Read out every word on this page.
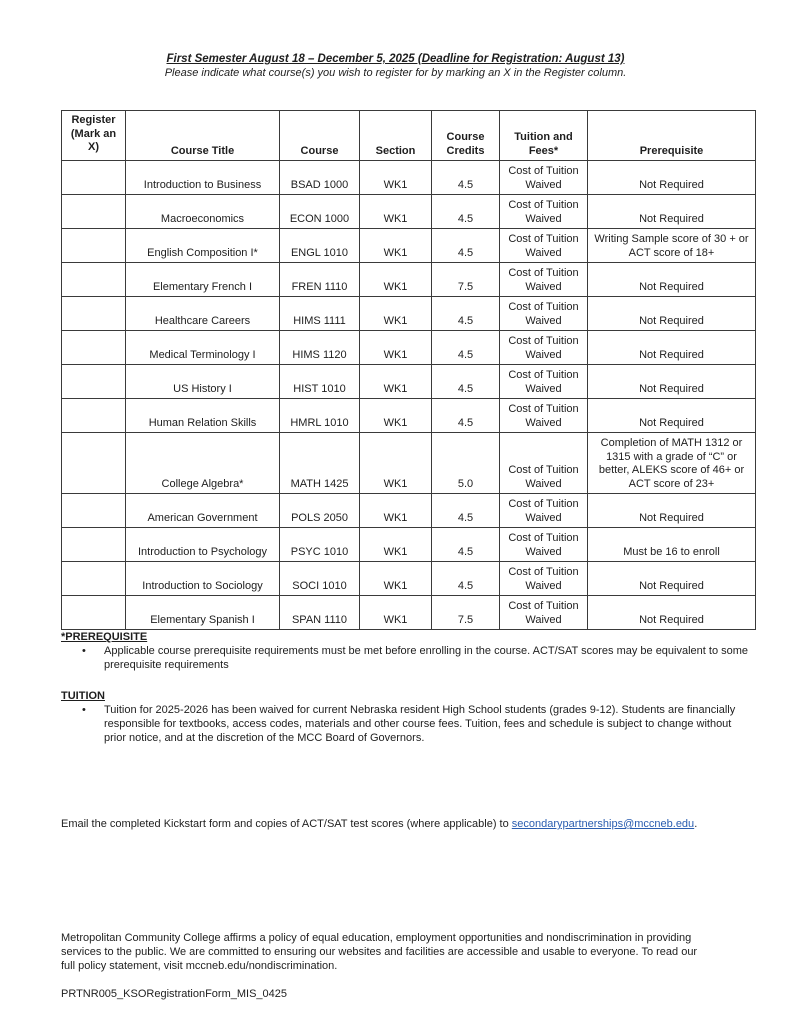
First Semester August 18 – December 5, 2025 (Deadline for Registration: August 13)
Please indicate what course(s) you wish to register for by marking an X in the Register column.
Register (Mark an X)	Course Title	Course	Section	Course Credits	Tuition and Fees*	Prerequisite
	Introduction to Business	BSAD 1000	WK1	4.5	Cost of Tuition Waived	Not Required
	Macroeconomics	ECON 1000	WK1	4.5	Cost of Tuition Waived	Not Required
	English Composition I*	ENGL 1010	WK1	4.5	Cost of Tuition Waived	Writing Sample score of 30 + or ACT score of 18+
	Elementary French I	FREN 1110	WK1	7.5	Cost of Tuition Waived	Not Required
	Healthcare Careers	HIMS 1111	WK1	4.5	Cost of Tuition Waived	Not Required
	Medical Terminology I	HIMS 1120	WK1	4.5	Cost of Tuition Waived	Not Required
	US History I	HIST 1010	WK1	4.5	Cost of Tuition Waived	Not Required
	Human Relation Skills	HMRL 1010	WK1	4.5	Cost of Tuition Waived	Not Required
	College Algebra*	MATH 1425	WK1	5.0	Cost of Tuition Waived	Completion of MATH 1312 or 1315 with a grade of “C” or better, ALEKS score of 46+ or ACT score of 23+
	American Government	POLS 2050	WK1	4.5	Cost of Tuition Waived	Not Required
	Introduction to Psychology	PSYC 1010	WK1	4.5	Cost of Tuition Waived	Must be 16 to enroll
	Introduction to Sociology	SOCI 1010	WK1	4.5	Cost of Tuition Waived	Not Required
	Elementary Spanish I	SPAN 1110	WK1	7.5	Cost of Tuition Waived	Not Required
*PREREQUISITE
• Applicable course prerequisite requirements must be met before enrolling in the course. ACT/SAT scores may be equivalent to some prerequisite requirements
TUITION
• Tuition for 2025-2026 has been waived for current Nebraska resident High School students (grades 9-12). Students are financially responsible for textbooks, access codes, materials and other course fees. Tuition, fees and schedule is subject to change without prior notice, and at the discretion of the MCC Board of Governors.
Email the completed Kickstart form and copies of ACT/SAT test scores (where applicable) to secondarypartnerships@mccneb.edu.
Metropolitan Community College affirms a policy of equal education, employment opportunities and nondiscrimination in providing services to the public. We are committed to ensuring our websites and facilities are accessible and usable to everyone. To read our full policy statement, visit mccneb.edu/nondiscrimination.
PRTNR005_KSORegistrationForm_MIS_0425
